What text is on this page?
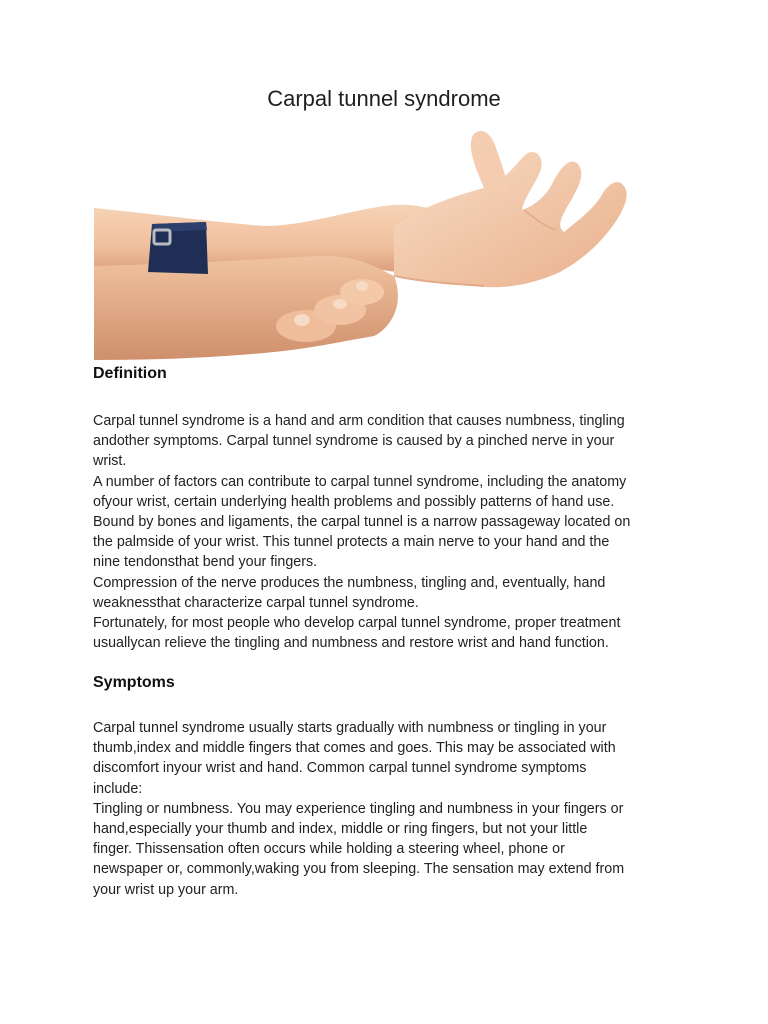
Carpal tunnel syndrome
Definition

Carpal tunnel syndrome is a hand and arm condition that causes numbness, tingling
andother symptoms. Carpal tunnel syndrome is caused by a pinched nerve in your
wrist.
A number of factors can contribute to carpal tunnel syndrome, including the anatomy
ofyour wrist, certain underlying health problems and possibly patterns of hand use.
Bound by bones and ligaments, the carpal tunnel is a narrow passageway located on
the palmside of your wrist. This tunnel protects a main nerve to your hand and the
nine tendonsthat bend your fingers.
Compression of the nerve produces the numbness, tingling and, eventually, hand
weaknessthat characterize carpal tunnel syndrome.
Fortunately, for most people who develop carpal tunnel syndrome, proper treatment
usuallycan relieve the tingling and numbness and restore wrist and hand function.

Symptoms

Carpal tunnel syndrome usually starts gradually with numbness or tingling in your
thumb,index and middle fingers that comes and goes. This may be associated with
discomfort inyour wrist and hand. Common carpal tunnel syndrome symptoms
include:
Tingling or numbness. You may experience tingling and numbness in your fingers or
hand,especially your thumb and index, middle or ring fingers, but not your little
finger. Thissensation often occurs while holding a steering wheel, phone or
newspaper or, commonly,waking you from sleeping. The sensation may extend from
your wrist up your arm.
